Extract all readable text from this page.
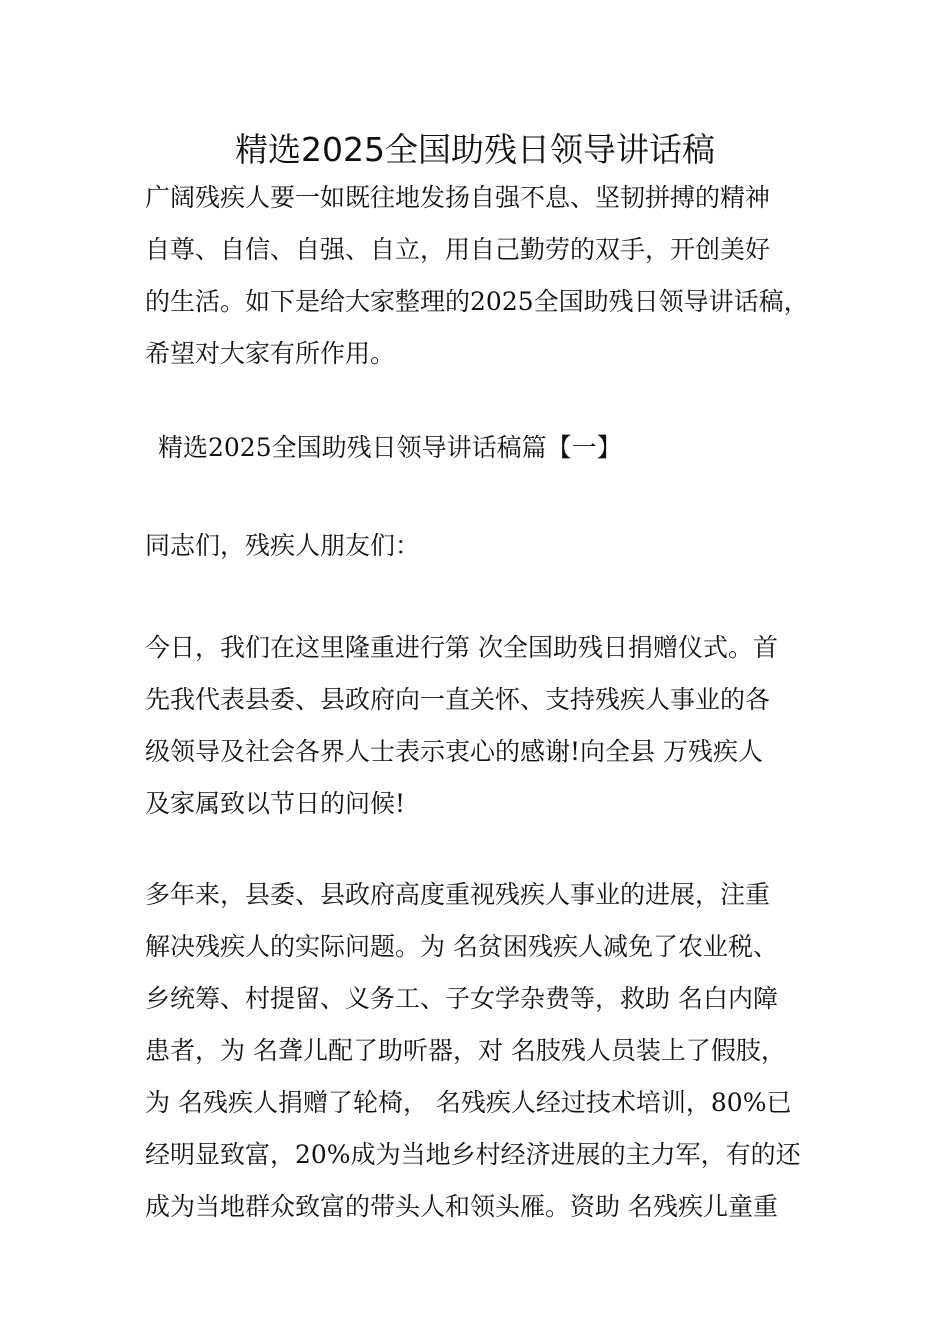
精选2025全国助残日领导讲话稿
广阔残疾人要一如既往地发扬自强不息、坚韧拼搏的精神
自尊、自信、自强、自立，用自己勤劳的双手，开创美好
的生活。如下是给大家整理的2025全国助残日领导讲话稿，
希望对大家有所作用。
精选2025全国助残日领导讲话稿篇【一】
同志们，残疾人朋友们：
今日，我们在这里隆重进行第 次全国助残日捐赠仪式。首
先我代表县委、县政府向一直关怀、支持残疾人事业的各
级领导及社会各界人士表示衷心的感谢!向全县 万残疾人
及家属致以节日的问候!
多年来，县委、县政府高度重视残疾人事业的进展，注重
解决残疾人的实际问题。为 名贫困残疾人减免了农业税、
乡统筹、村提留、义务工、子女学杂费等，救助 名白内障
患者，为 名聋儿配了助听器，对 名肢残人员装上了假肢，
为 名残疾人捐赠了轮椅， 名残疾人经过技术培训，80%已
经明显致富，20%成为当地乡村经济进展的主力军，有的还
成为当地群众致富的带头人和领头雁。资助 名残疾儿童重
